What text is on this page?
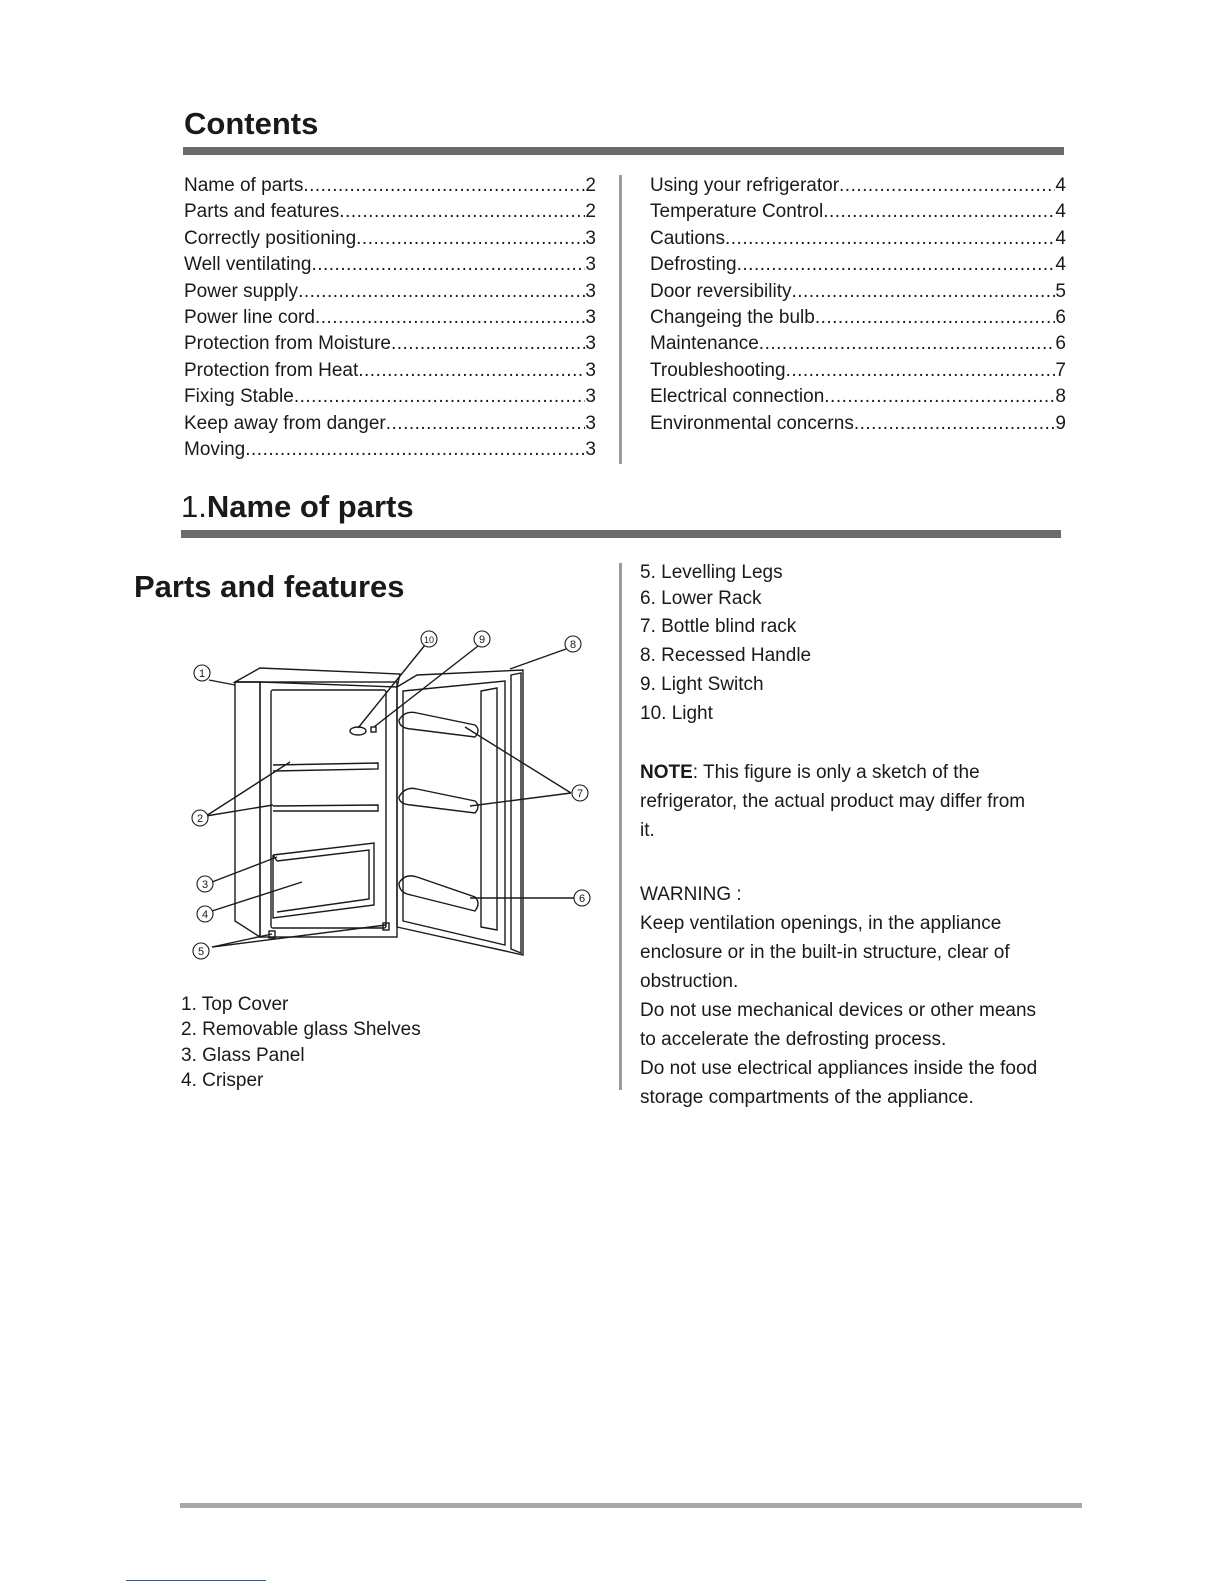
Contents
Name of parts .....	2
Parts and features .....	2
Correctly positioning .....	3
Well ventilating .....	3
Power supply .....	3
Power line cord .....	3
Protection from Moisture .....	3
Protection from Heat .....	3
Fixing Stable .....	3
Keep away from danger .....	3
Moving .....	3
Using your refrigerator .....	4
Temperature Control .....	4
Cautions .....	4
Defrosting .....	4
Door reversibility .....	5
Changeing the bulb .....	6
Maintenance .....	6
Troubleshooting .....	7
Electrical connection .....	8
Environmental concerns .....	9
1.Name of parts
Parts and features
1
2
3
4
5
6
7
8
9
10
1. Top Cover
2. Removable glass Shelves
3. Glass Panel
4. Crisper
5. Levelling Legs
6. Lower Rack
7. Bottle blind rack
8. Recessed Handle
9. Light Switch
10. Light
NOTE: This figure is only a sketch of the refrigerator, the actual product may differ from it.
WARNING :
Keep ventilation openings, in the appliance enclosure or in the built-in structure, clear of obstruction.
Do not use mechanical devices or other means to accelerate the defrosting process.
Do not use electrical appliances inside the food storage compartments of the appliance.
